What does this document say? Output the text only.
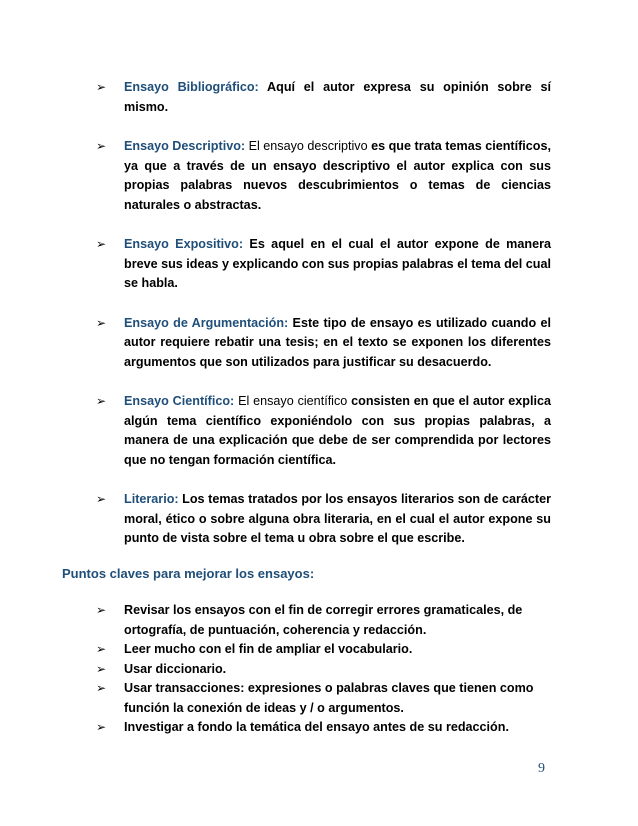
➢	Ensayo Bibliográfico: Aquí el autor expresa su opinión sobre sí mismo.
➢	Ensayo Descriptivo: El ensayo descriptivo es que trata temas científicos, ya que a través de un ensayo descriptivo el autor explica con sus propias palabras nuevos descubrimientos o temas de ciencias naturales o abstractas.
➢	Ensayo Expositivo: Es aquel en el cual el autor expone de manera breve sus ideas y explicando con sus propias palabras el tema del cual se habla.
➢	Ensayo de Argumentación: Este tipo de ensayo es utilizado cuando el autor requiere rebatir una tesis; en el texto se exponen los diferentes argumentos que son utilizados para justificar su desacuerdo.
➢	Ensayo Científico: El ensayo científico consisten en que el autor explica algún tema científico exponiéndolo con sus propias palabras, a manera de una explicación que debe de ser comprendida por lectores que no tengan formación científica.
➢	Literario: Los temas tratados por los ensayos literarios son de carácter moral, ético o sobre alguna obra literaria, en el cual el autor expone su punto de vista sobre el tema u obra sobre el que escribe.
Puntos claves para mejorar los ensayos:
➢	Revisar los ensayos con el fin de corregir errores gramaticales, de ortografía, de puntuación, coherencia y redacción.
➢	Leer mucho con el fin de ampliar el vocabulario.
➢	Usar diccionario.
➢	Usar transacciones: expresiones o palabras claves que tienen como función la conexión de ideas y / o argumentos.
➢	Investigar a fondo la temática del ensayo antes de su redacción.
9
